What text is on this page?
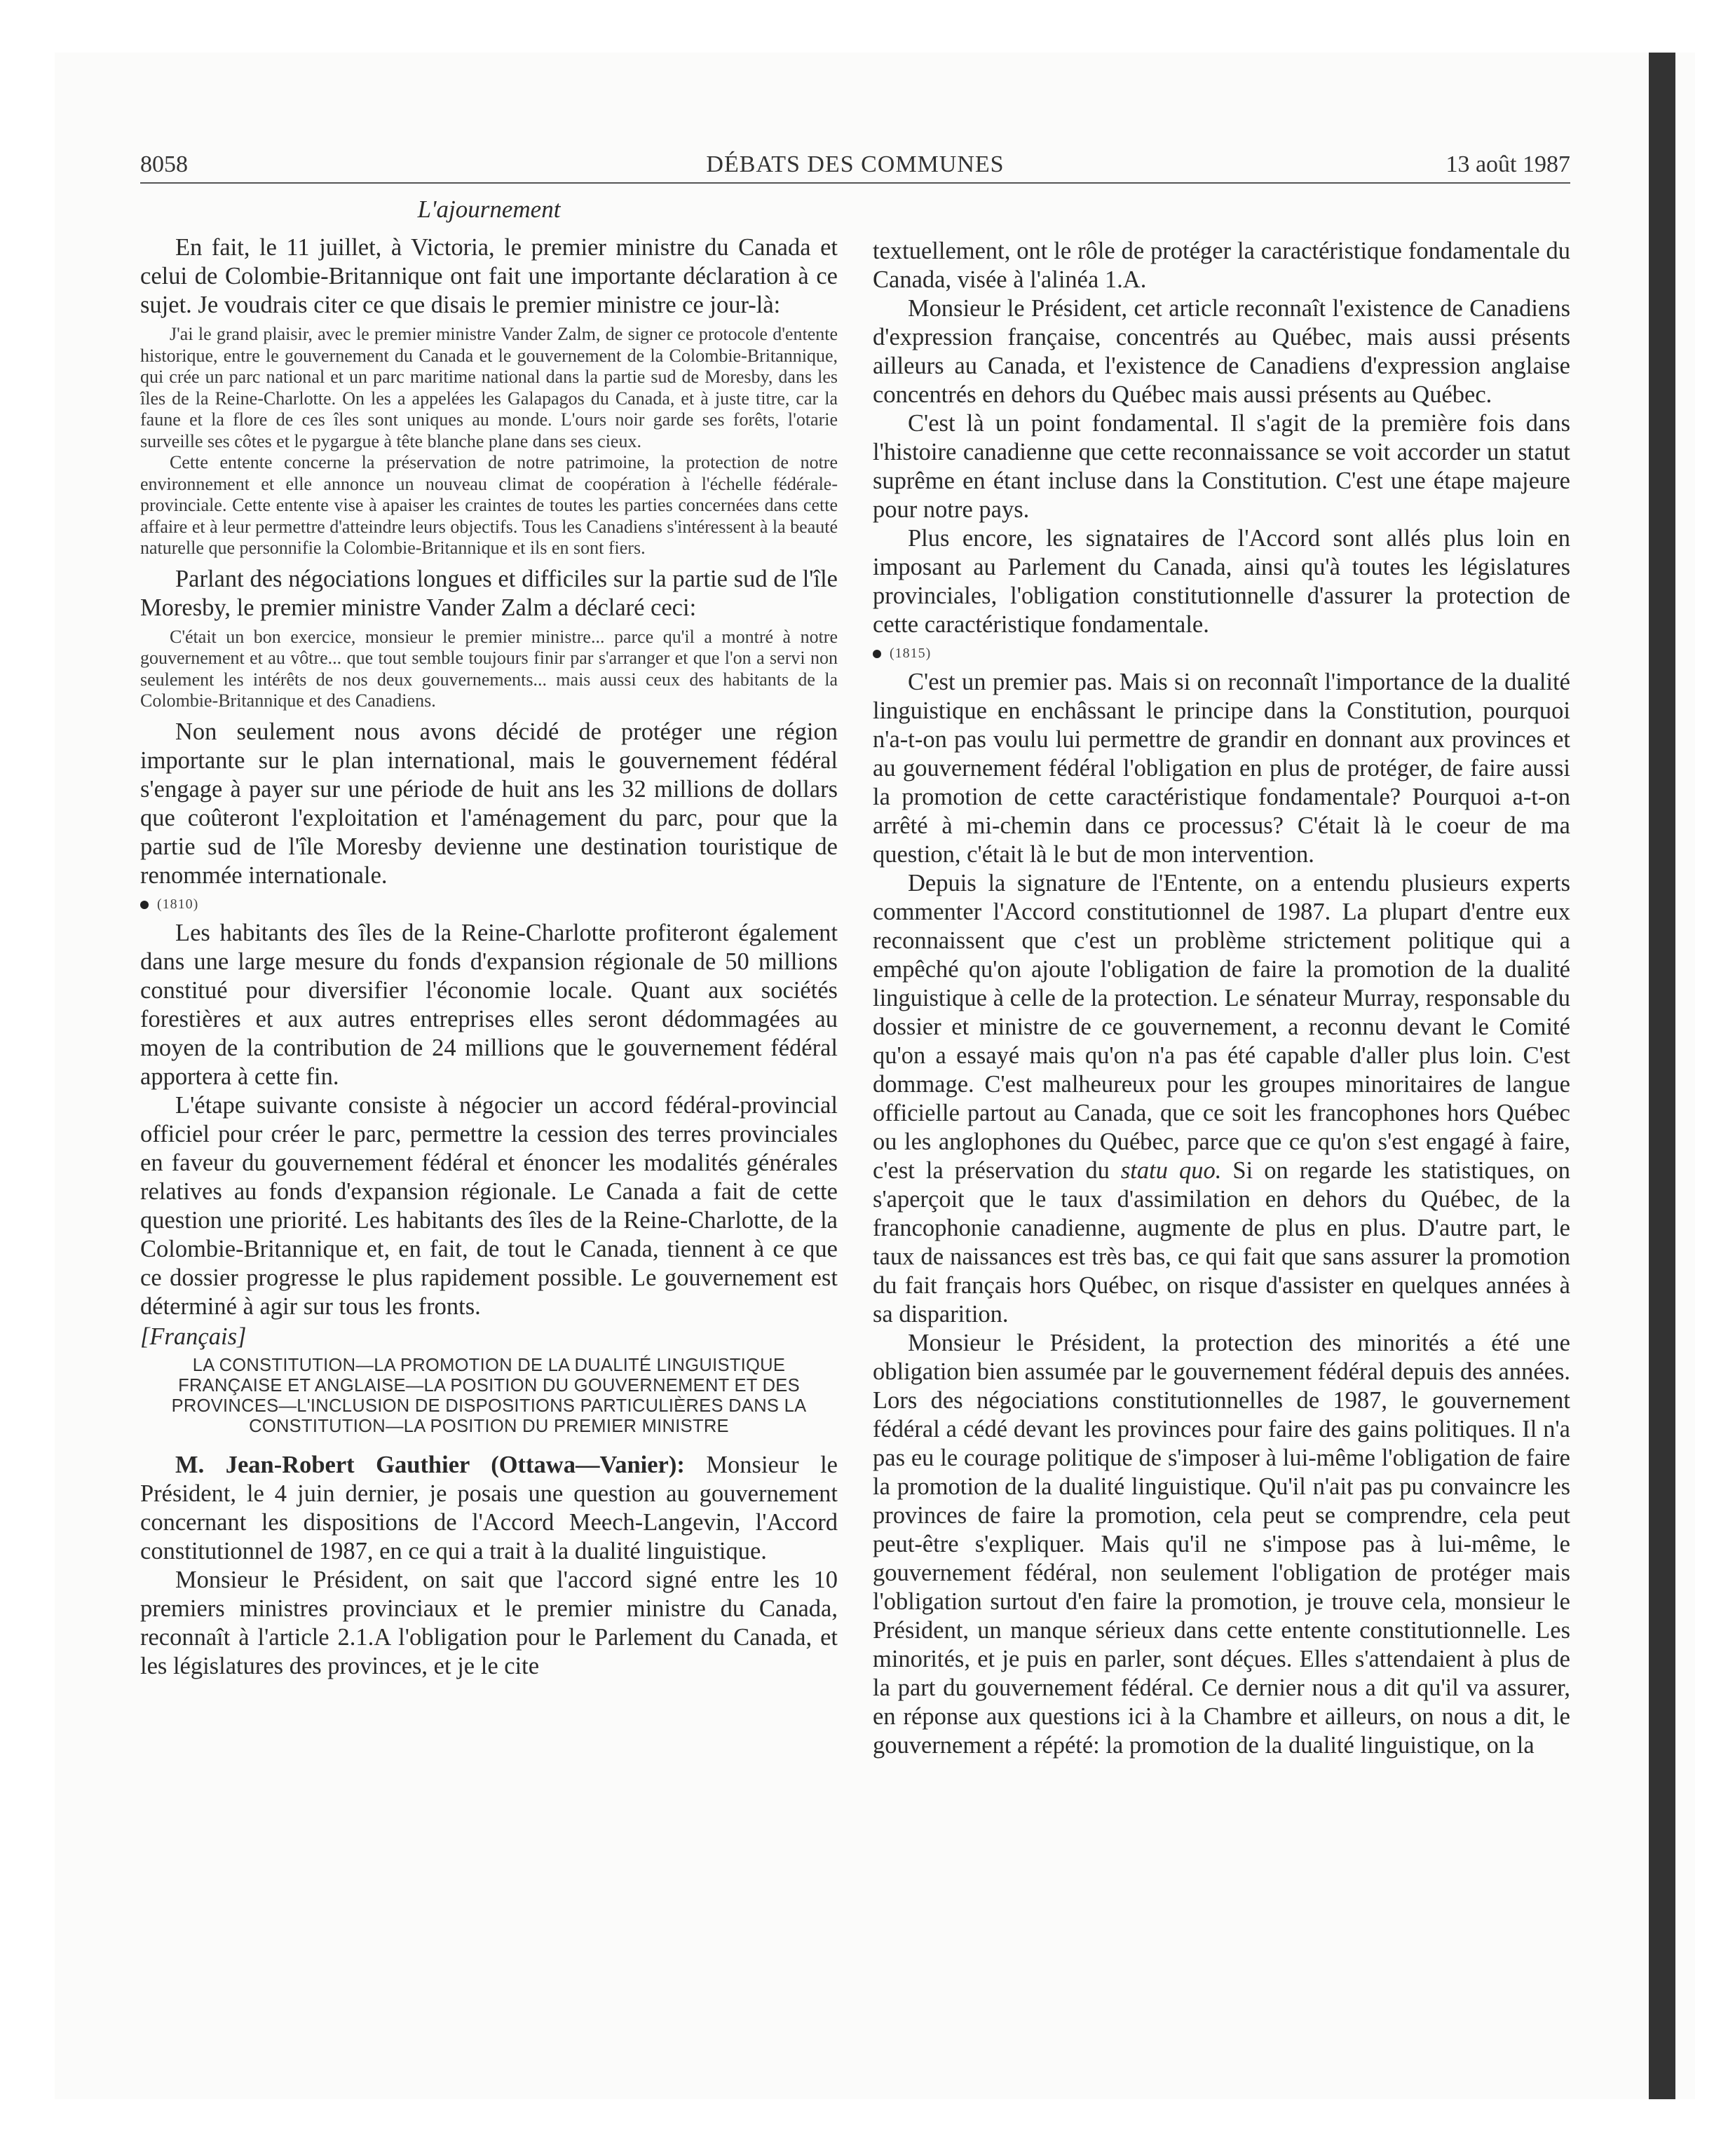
8058	DÉBATS DES COMMUNES	13 août 1987
L'ajournement

En fait, le 11 juillet, à Victoria, le premier ministre du Canada et celui de Colombie-Britannique ont fait une importante déclaration à ce sujet. Je voudrais citer ce que disais le premier ministre ce jour-là:

J'ai le grand plaisir, avec le premier ministre Vander Zalm, de signer ce protocole d'entente historique, entre le gouvernement du Canada et le gouvernement de la Colombie-Britannique, qui crée un parc national et un parc maritime national dans la partie sud de Moresby, dans les îles de la Reine-Charlotte. On les a appelées les Galapagos du Canada, et à juste titre, car la faune et la flore de ces îles sont uniques au monde. L'ours noir garde ses forêts, l'otarie surveille ses côtes et le pygargue à tête blanche plane dans ses cieux.

Cette entente concerne la préservation de notre patrimoine, la protection de notre environnement et elle annonce un nouveau climat de coopération à l'échelle fédérale-provinciale. Cette entente vise à apaiser les craintes de toutes les parties concernées dans cette affaire et à leur permettre d'atteindre leurs objectifs. Tous les Canadiens s'intéressent à la beauté naturelle que personnifie la Colombie-Britannique et ils en sont fiers.

Parlant des négociations longues et difficiles sur la partie sud de l'île Moresby, le premier ministre Vander Zalm a déclaré ceci:

C'était un bon exercice, monsieur le premier ministre... parce qu'il a montré à notre gouvernement et au vôtre... que tout semble toujours finir par s'arranger et que l'on a servi non seulement les intérêts de nos deux gouvernements... mais aussi ceux des habitants de la Colombie-Britannique et des Canadiens.

Non seulement nous avons décidé de protéger une région importante sur le plan international, mais le gouvernement fédéral s'engage à payer sur une période de huit ans les 32 millions de dollars que coûteront l'exploitation et l'aménagement du parc, pour que la partie sud de l'île Moresby devienne une destination touristique de renommée internationale.

(1810)

Les habitants des îles de la Reine-Charlotte profiteront également dans une large mesure du fonds d'expansion régionale de 50 millions constitué pour diversifier l'économie locale. Quant aux sociétés forestières et aux autres entreprises elles seront dédommagées au moyen de la contribution de 24 millions que le gouvernement fédéral apportera à cette fin.

L'étape suivante consiste à négocier un accord fédéral-provincial officiel pour créer le parc, permettre la cession des terres provinciales en faveur du gouvernement fédéral et énoncer les modalités générales relatives au fonds d'expansion régionale. Le Canada a fait de cette question une priorité. Les habitants des îles de la Reine-Charlotte, de la Colombie-Britannique et, en fait, de tout le Canada, tiennent à ce que ce dossier progresse le plus rapidement possible. Le gouvernement est déterminé à agir sur tous les fronts.

[Français]

LA CONSTITUTION—LA PROMOTION DE LA DUALITÉ LINGUISTIQUE FRANÇAISE ET ANGLAISE—LA POSITION DU GOUVERNEMENT ET DES PROVINCES—L'INCLUSION DE DISPOSITIONS PARTICULIÈRES DANS LA CONSTITUTION—LA POSITION DU PREMIER MINISTRE

M. Jean-Robert Gauthier (Ottawa—Vanier): Monsieur le Président, le 4 juin dernier, je posais une question au gouvernement concernant les dispositions de l'Accord Meech-Langevin, l'Accord constitutionnel de 1987, en ce qui a trait à la dualité linguistique.

Monsieur le Président, on sait que l'accord signé entre les 10 premiers ministres provinciaux et le premier ministre du Canada, reconnaît à l'article 2.1.A l'obligation pour le Parlement du Canada, et les législatures des provinces, et je le cite

textuellement, ont le rôle de protéger la caractéristique fondamentale du Canada, visée à l'alinéa 1.A.

Monsieur le Président, cet article reconnaît l'existence de Canadiens d'expression française, concentrés au Québec, mais aussi présents ailleurs au Canada, et l'existence de Canadiens d'expression anglaise concentrés en dehors du Québec mais aussi présents au Québec.

C'est là un point fondamental. Il s'agit de la première fois dans l'histoire canadienne que cette reconnaissance se voit accorder un statut suprême en étant incluse dans la Constitution. C'est une étape majeure pour notre pays.

Plus encore, les signataires de l'Accord sont allés plus loin en imposant au Parlement du Canada, ainsi qu'à toutes les législatures provinciales, l'obligation constitutionnelle d'assurer la protection de cette caractéristique fondamentale.

(1815)

C'est un premier pas. Mais si on reconnaît l'importance de la dualité linguistique en enchâssant le principe dans la Constitution, pourquoi n'a-t-on pas voulu lui permettre de grandir en donnant aux provinces et au gouvernement fédéral l'obligation en plus de protéger, de faire aussi la promotion de cette caractéristique fondamentale? Pourquoi a-t-on arrêté à mi-chemin dans ce processus? C'était là le coeur de ma question, c'était là le but de mon intervention.

Depuis la signature de l'Entente, on a entendu plusieurs experts commenter l'Accord constitutionnel de 1987. La plupart d'entre eux reconnaissent que c'est un problème strictement politique qui a empêché qu'on ajoute l'obligation de faire la promotion de la dualité linguistique à celle de la protection. Le sénateur Murray, responsable du dossier et ministre de ce gouvernement, a reconnu devant le Comité qu'on a essayé mais qu'on n'a pas été capable d'aller plus loin. C'est dommage. C'est malheureux pour les groupes minoritaires de langue officielle partout au Canada, que ce soit les francophones hors Québec ou les anglophones du Québec, parce que ce qu'on s'est engagé à faire, c'est la préservation du statu quo. Si on regarde les statistiques, on s'aperçoit que le taux d'assimilation en dehors du Québec, de la francophonie canadienne, augmente de plus en plus. D'autre part, le taux de naissances est très bas, ce qui fait que sans assurer la promotion du fait français hors Québec, on risque d'assister en quelques années à sa disparition.

Monsieur le Président, la protection des minorités a été une obligation bien assumée par le gouvernement fédéral depuis des années. Lors des négociations constitutionnelles de 1987, le gouvernement fédéral a cédé devant les provinces pour faire des gains politiques. Il n'a pas eu le courage politique de s'imposer à lui-même l'obligation de faire la promotion de la dualité linguistique. Qu'il n'ait pas pu convaincre les provinces de faire la promotion, cela peut se comprendre, cela peut peut-être s'expliquer. Mais qu'il ne s'impose pas à lui-même, le gouvernement fédéral, non seulement l'obligation de protéger mais l'obligation surtout d'en faire la promotion, je trouve cela, monsieur le Président, un manque sérieux dans cette entente constitutionnelle. Les minorités, et je puis en parler, sont déçues. Elles s'attendaient à plus de la part du gouvernement fédéral. Ce dernier nous a dit qu'il va assurer, en réponse aux questions ici à la Chambre et ailleurs, on nous a dit, le gouvernement a répété: la promotion de la dualité linguistique, on la
